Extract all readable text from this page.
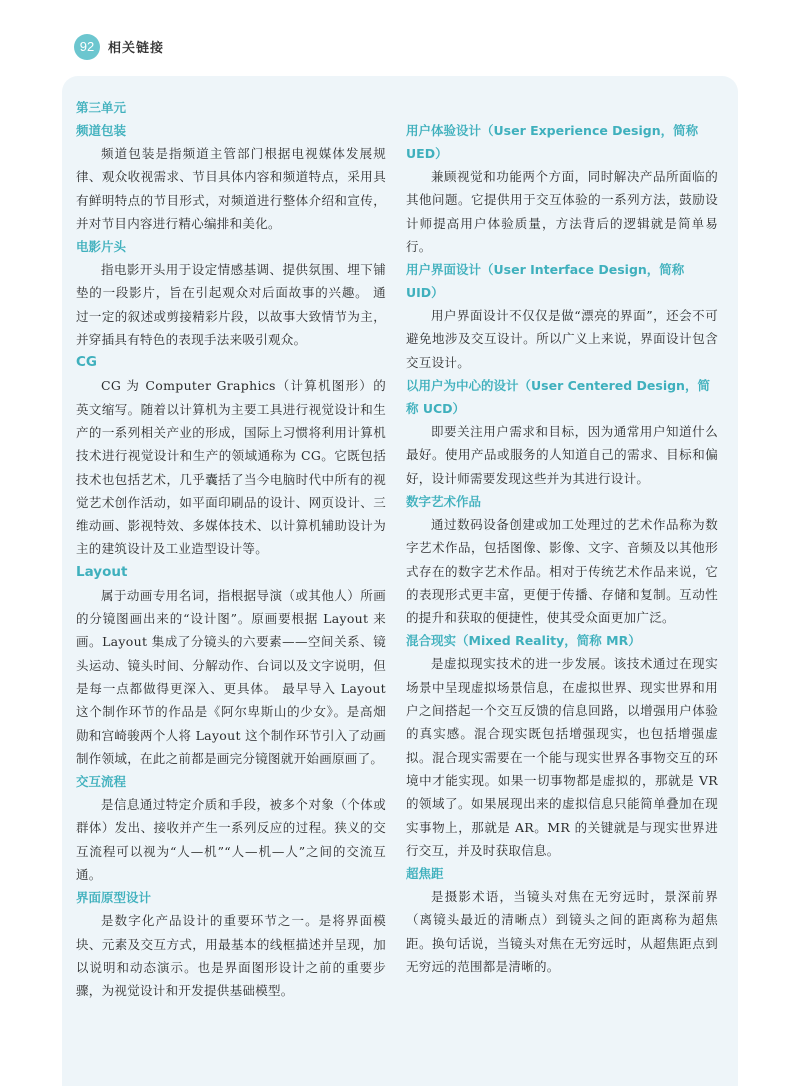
92	相关链接
第三单元
频道包装

频道包装是指频道主管部门根据电视媒体发展规律、观众收视需求、节目具体内容和频道特点，采用具有鲜明特点的节目形式，对频道进行整体介绍和宣传，并对节目内容进行精心编排和美化。

电影片头

指电影开头用于设定情感基调、提供氛围、埋下铺垫的一段影片，旨在引起观众对后面故事的兴趣。 通过一定的叙述或剪接精彩片段，以故事大致情节为主，并穿插具有特色的表现手法来吸引观众。

CG

CG 为 Computer Graphics（计算机图形）的英文缩写。随着以计算机为主要工具进行视觉设计和生产的一系列相关产业的形成，国际上习惯将利用计算机技术进行视觉设计和生产的领域通称为 CG。它既包括技术也包括艺术，几乎囊括了当今电脑时代中所有的视觉艺术创作活动，如平面印刷品的设计、网页设计、三维动画、影视特效、多媒体技术、以计算机辅助设计为主的建筑设计及工业造型设计等。

Layout

属于动画专用名词，指根据导演（或其他人）所画的分镜图画出来的“设计图”。原画要根据 Layout 来画。Layout 集成了分镜头的六要素——空间关系、镜头运动、镜头时间、分解动作、台词以及文字说明，但是每一点都做得更深入、更具体。 最早导入 Layout 这个制作环节的作品是《阿尔卑斯山的少女》。是高畑勋和宫崎骏两个人将 Layout 这个制作环节引入了动画制作领域，在此之前都是画完分镜图就开始画原画了。

交互流程

是信息通过特定介质和手段，被多个对象（个体或群体）发出、接收并产生一系列反应的过程。狭义的交互流程可以视为“人—机”“人—机—人”之间的交流互通。

界面原型设计

是数字化产品设计的重要环节之一。是将界面模块、元素及交互方式，用最基本的线框描述并呈现，加以说明和动态演示。也是界面图形设计之前的重要步骤，为视觉设计和开发提供基础模型。

用户体验设计（User Experience Design，简称 UED）

兼顾视觉和功能两个方面，同时解决产品所面临的其他问题。它提供用于交互体验的一系列方法，鼓励设计师提高用户体验质量，方法背后的逻辑就是简单易行。

用户界面设计（User Interface Design，简称 UID）

用户界面设计不仅仅是做“漂亮的界面”，还会不可避免地涉及交互设计。所以广义上来说，界面设计包含交互设计。

以用户为中心的设计（User Centered Design，简称 UCD）

即要关注用户需求和目标，因为通常用户知道什么最好。使用产品或服务的人知道自己的需求、目标和偏好，设计师需要发现这些并为其进行设计。

数字艺术作品

通过数码设备创建或加工处理过的艺术作品称为数字艺术作品，包括图像、影像、文字、音频及以其他形式存在的数字艺术作品。相对于传统艺术作品来说，它的表现形式更丰富，更便于传播、存储和复制。互动性的提升和获取的便捷性，使其受众面更加广泛。

混合现实（Mixed Reality，简称 MR）

是虚拟现实技术的进一步发展。该技术通过在现实场景中呈现虚拟场景信息，在虚拟世界、现实世界和用户之间搭起一个交互反馈的信息回路，以增强用户体验的真实感。混合现实既包括增强现实，也包括增强虚拟。混合现实需要在一个能与现实世界各事物交互的环境中才能实现。如果一切事物都是虚拟的，那就是 VR 的领域了。如果展现出来的虚拟信息只能简单叠加在现实事物上，那就是 AR。MR 的关键就是与现实世界进行交互，并及时获取信息。

超焦距

是摄影术语，当镜头对焦在无穷远时，景深前界（离镜头最近的清晰点）到镜头之间的距离称为超焦距。换句话说，当镜头对焦在无穷远时，从超焦距点到无穷远的范围都是清晰的。
